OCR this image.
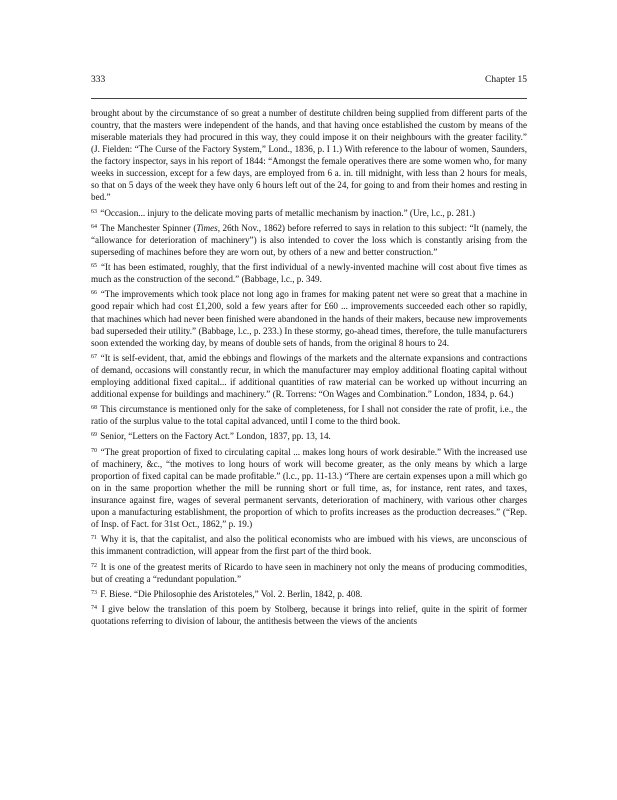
333	Chapter 15

brought about by the circumstance of so great a number of destitute children being supplied from different parts of the country, that the masters were independent of the hands, and that having once established the custom by means of the miserable materials they had procured in this way, they could impose it on their neighbours with the greater facility.” (J. Fielden: “The Curse of the Factory System,” Lond., 1836, p. I 1.) With reference to the labour of women, Saunders, the factory inspector, says in his report of 1844: “Amongst the female operatives there are some women who, for many weeks in succession, except for a few days, are employed from 6 a. in. till midnight, with less than 2 hours for meals, so that on 5 days of the week they have only 6 hours left out of the 24, for going to and from their homes and resting in bed.”

$^{63}$ “Occasion... injury to the delicate moving parts of metallic mechanism by inaction.” (Ure, l.c., p. 281.)

$^{64}$ The Manchester Spinner (Times, 26th Nov., 1862) before referred to says in relation to this subject: “It (namely, the “allowance for deterioration of machinery”) is also intended to cover the loss which is constantly arising from the superseding of machines before they are worn out, by others of a new and better construction.”

$^{65}$ “It has been estimated, roughly, that the first individual of a newly-invented machine will cost about five times as much as the construction of the second.” (Babbage, l.c., p. 349.

$^{66}$ “The improvements which took place not long ago in frames for making patent net were so great that a machine in good repair which had cost £1,200, sold a few years after for £60 ... improvements succeeded each other so rapidly, that machines which had never been finished were abandoned in the hands of their makers, because new improvements bad superseded their utility.” (Babbage, l.c., p. 233.) In these stormy, go-ahead times, therefore, the tulle manufacturers soon extended the working day, by means of double sets of hands, from the original 8 hours to 24.

$^{67}$ “It is self-evident, that, amid the ebbings and flowings of the markets and the alternate expansions and contractions of demand, occasions will constantly recur, in which the manufacturer may employ additional floating capital without employing additional fixed capital... if additional quantities of raw material can be worked up without incurring an additional expense for buildings and machinery.” (R. Torrens: “On Wages and Combination.” London, 1834, p. 64.)

$^{68}$ This circumstance is mentioned only for the sake of completeness, for I shall not consider the rate of profit, i.e., the ratio of the surplus value to the total capital advanced, until I come to the third book.

$^{69}$ Senior, “Letters on the Factory Act.” London, 1837, pp. 13, 14.

$^{70}$ “The great proportion of fixed to circulating capital ... makes long hours of work desirable.” With the increased use of machinery, &c., “the motives to long hours of work will become greater, as the only means by which a large proportion of fixed capital can be made profitable.” (l.c., pp. 11-13.) “There are certain expenses upon a mill which go on in the same proportion whether the mill be running short or full time, as, for instance, rent rates, and taxes, insurance against fire, wages of several permanent servants, deterioration of machinery, with various other charges upon a manufacturing establishment, the proportion of which to profits increases as the production decreases.” (“Rep. of Insp. of Fact. for 31st Oct., 1862,” p. 19.)

$^{71}$ Why it is, that the capitalist, and also the political economists who are imbued with his views, are unconscious of this immanent contradiction, will appear from the first part of the third book.

$^{72}$ It is one of the greatest merits of Ricardo to have seen in machinery not only the means of producing commodities, but of creating a “redundant population.”

$^{73}$ F. Biese. “Die Philosophie des Aristoteles,” Vol. 2. Berlin, 1842, p. 408.

$^{74}$ I give below the translation of this poem by Stolberg, because it brings into relief, quite in the spirit of former quotations referring to division of labour, the antithesis between the views of the ancients
